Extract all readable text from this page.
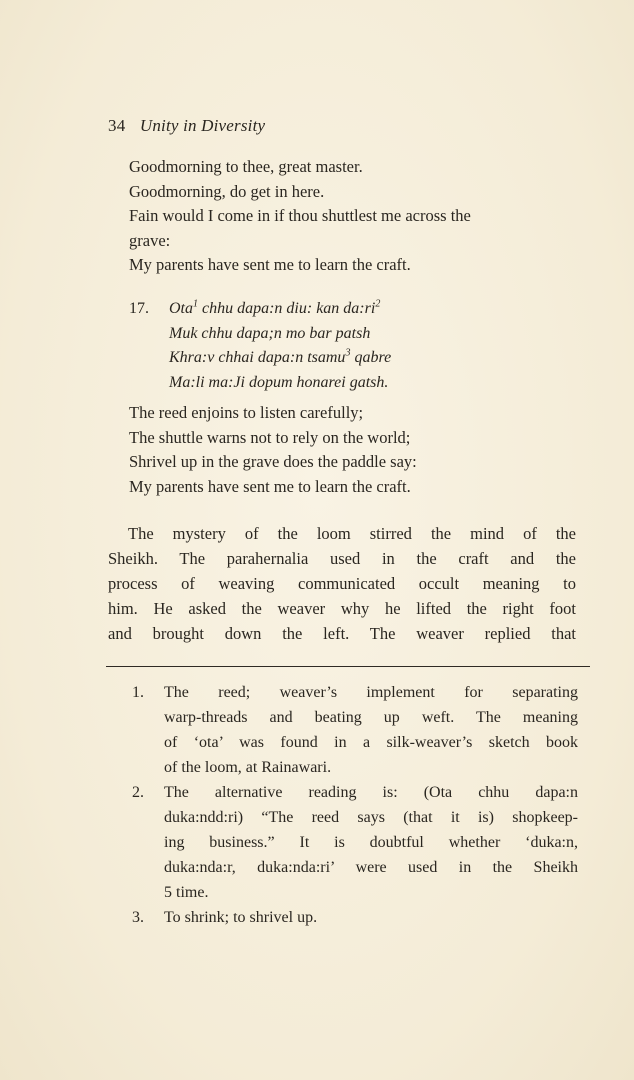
34 Unity in Diversity
Goodmorning to thee, great master.
Goodmorning, do get in here.
Fain would I come in if thou shuttlest me across the
grave:
My parents have sent me to learn the craft.
17. Ota$^1$ chhu dapa:n diu: kan $da:ri^2$
Muk chhu dapa;n mo bar patsh
Khra:v chhai dapa:n tsamu$^3$ qabre
Ma:li ma:Ji dopum honarei gatsh.
The reed enjoins to listen carefully;
The shuttle warns not to rely on the world;
Shrivel up in the grave does the paddle say:
My parents have sent me to learn the craft.
The mystery of the loom stirred the mind of the
Sheikh. The parahernalia used in the craft and the
process of weaving communicated occult meaning to
him. He asked the weaver why he lifted the right foot
and brought down the left. The weaver replied that
1. The reed; weaver’s implement for separating
warp-threads and beating up weft. The meaning
of ‘ota’ was found in a silk-weaver’s sketch book
of the loom, at Rainawari.
2. The alternative reading is: (Ota chhu dapa:n
duka:ndd:ri) “The reed says (that it is) shopkeep-
ing business.” It is doubtful whether ‘duka:n,
duka:nda:r, duka:nda:ri’ were used in the Sheikh
5 time.
3. To shrink; to shrivel up.
